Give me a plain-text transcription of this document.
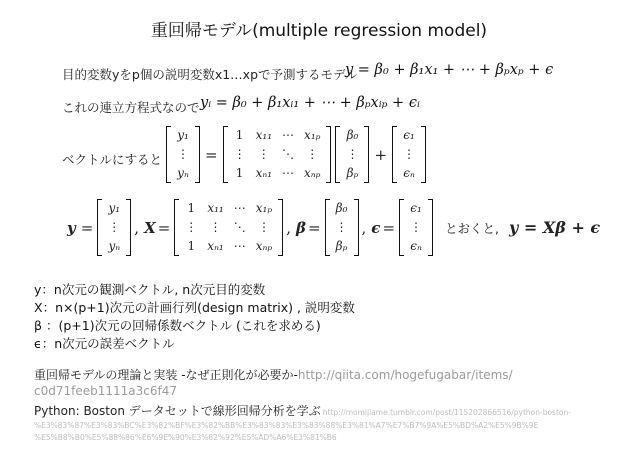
重回帰モデル(multiple regression model)
目的変数yをp個の説明変数x1…xpで予測するモデル
y = β₀ + β₁x₁ + ⋯ + βₚxₚ + ϵ
これの連立方程式なので yᵢ = β₀ + β₁xᵢ₁ + ⋯ + βₚxᵢₚ + ϵᵢ
ベクトルにすると
y₁
⋮
yₙ
=
1	x₁₁	⋯	x₁ₚ
⋮	⋮	⋱	⋮
1	xₙ₁	⋯	xₙₚ
β₀
⋮
βₚ
+
ϵ₁
⋮
ϵₙ
y =
y₁
⋮
yₙ
, X =
1	x₁₁	⋯	x₁ₚ
⋮	⋮	⋱	⋮
1	xₙ₁	⋯	xₙₚ
, β =
β₀
⋮
βₚ
, ϵ =
ϵ₁
⋮
ϵₙ
とおくと, y = Xβ + ϵ
y：n次元の観測ベクトル, n次元目的変数
X：n×(p+1)次元の計画行列(design matrix) , 説明変数
β ：(p+1)次元の回帰係数ベクトル (これを求める)
ϵ：n次元の誤差ベクトル
重回帰モデルの理論と実装 -なぜ正則化が必要か-http://qiita.com/hogefugabar/items/
c0d71feeb1111a3c6f47
Python: Boston データセットで線形回帰分析を学ぶ http://momijiame.tumblr.com/post/115202866516/python-boston-
%E3%83%87%E3%83%BC%E3%82%BF%E3%82%BB%E3%83%83%E3%83%88%E3%81%A7%E7%B7%9A%E5%BD%A2%E5%9B%9E
%E5%B8%B0%E5%88%86%E6%9E%90%E3%82%92%E5%AD%A6%E3%81%B6
